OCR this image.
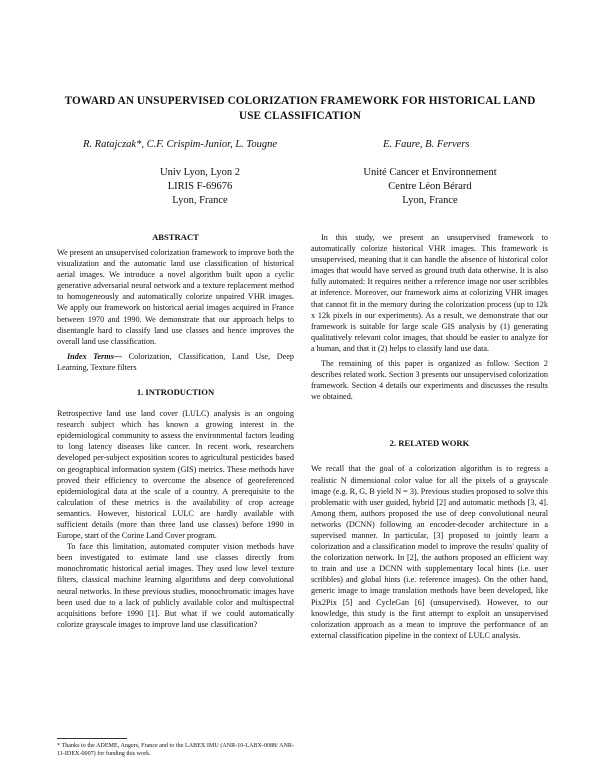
TOWARD AN UNSUPERVISED COLORIZATION FRAMEWORK FOR HISTORICAL LAND USE CLASSIFICATION
R. Ratajczak*, C.F. Crispim-Junior, L. Tougne	E. Faure, B. Fervers
Univ Lyon, Lyon 2
LIRIS F-69676
Lyon, France
Unité Cancer et Environnement
Centre Léon Bérard
Lyon, France
ABSTRACT

We present an unsupervised colorization framework to improve both the visualization and the automatic land use classification of historical aerial images. We introduce a novel algorithm built upon a cyclic generative adversarial neural network and a texture replacement method to homogeneously and automatically colorize unpaired VHR images. We apply our framework on historical aerial images acquired in France between 1970 and 1990. We demonstrate that our approach helps to disentangle hard to classify land use classes and hence improves the overall land use classification.

Index Terms— Colorization, Classification, Land Use, Deep Learning, Texture filters

1. INTRODUCTION

Retrospective land use land cover (LULC) analysis is an ongoing research subject which has known a growing interest in the epidemiological community to assess the environmental factors leading to long latency diseases like cancer. In recent work, researchers developed per-subject exposition scores to agricultural pesticides based on geographical information system (GIS) metrics. These methods have proved their efficiency to overcome the absence of georeferenced epidemiological data at the scale of a country. A prerequisite to the calculation of these metrics is the availability of crop acreage semantics. However, historical LULC are hardly available with sufficient details (more than three land use classes) before 1990 in Europe, start of the Corine Land Cover program.

To face this limitation, automated computer vision methods have been investigated to estimate land use classes directly from monochromatic historical aerial images. They used low level texture filters, classical machine learning algorithms and deep convolutional neural networks. In these previous studies, monochromatic images have been used due to a lack of publicly available color and multispectral acquisitions before 1990 [1]. But what if we could automatically colorize grayscale images to improve land use classification?

In this study, we present an unsupervised framework to automatically colorize historical VHR images. This framework is unsupervised, meaning that it can handle the absence of historical color images that would have served as ground truth data otherwise. It is also fully automated: It requires neither a reference image nor user scribbles at inference. Moreover, our framework aims at colorizing VHR images that cannot fit in the memory during the colorization process (up to 12k x 12k pixels in our experiments). As a result, we demonstrate that our framework is suitable for large scale GIS analysis by (1) generating qualitatively relevant color images, that should be easier to analyze for a human, and that it (2) helps to classify land use data.

The remaining of this paper is organized as follow. Section 2 describes related work. Section 3 presents our unsupervised colorization framework. Section 4 details our experiments and discusses the results we obtained.

2. RELATED WORK

We recall that the goal of a colorization algorithm is to regress a realistic N dimensional color value for all the pixels of a grayscale image (e.g. R, G, B yield N = 3). Previous studies proposed to solve this problematic with user guided, hybrid [2] and automatic methods [3, 4]. Among them, authors proposed the use of deep convolutional neural networks (DCNN) following an encoder-decoder architecture in a supervised manner. In particular, [3] proposed to jointly learn a colorization and a classification model to improve the results' quality of the colorization network. In [2], the authors proposed an efficient way to train and use a DCNN with supplementary local hints (i.e. user scribbles) and global hints (i.e. reference images). On the other hand, generic image to image translation methods have been developed, like Pix2Pix [5] and CycleGan [6] (unsupervised). However, to our knowledge, this study is the first attempt to exploit an unsupervised colorization approach as a mean to improve the performance of an external classification pipeline in the context of LULC analysis.

* Thanks to the ADEME, Angers, France and to the LABEX IMU (ANR-10-LABX-0088/ ANR-11-IDEX-0007) for funding this work.
